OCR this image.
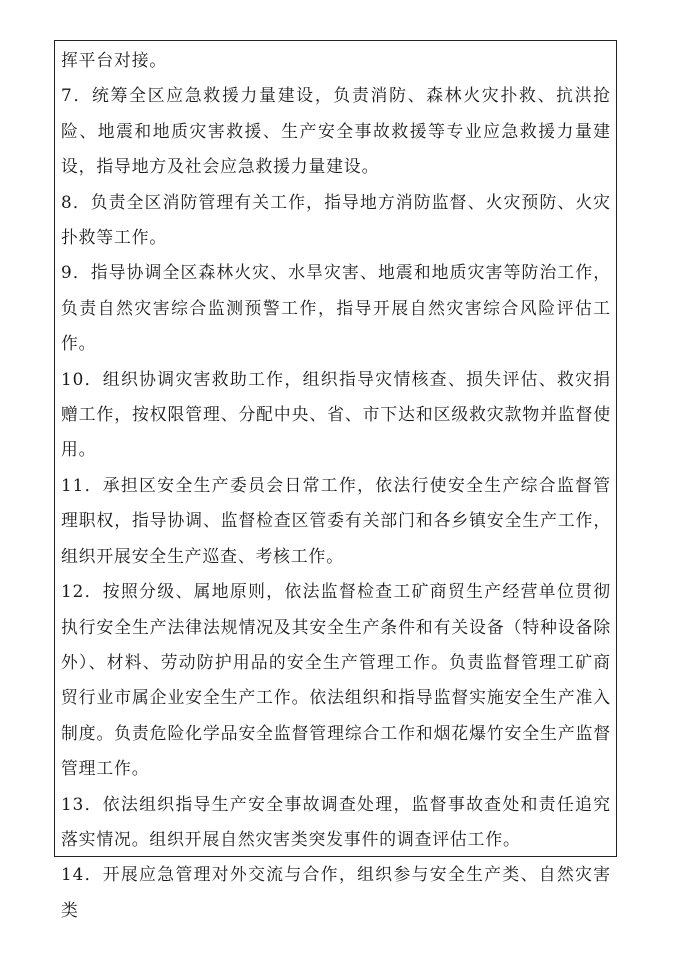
挥平台对接。

7．统筹全区应急救援力量建设，负责消防、森林火灾扑救、抗洪抢险、地震和地质灾害救援、生产安全事故救援等专业应急救援力量建设，指导地方及社会应急救援力量建设。

8．负责全区消防管理有关工作，指导地方消防监督、火灾预防、火灾扑救等工作。

9．指导协调全区森林火灾、水旱灾害、地震和地质灾害等防治工作，负责自然灾害综合监测预警工作，指导开展自然灾害综合风险评估工作。

10．组织协调灾害救助工作，组织指导灾情核查、损失评估、救灾捐赠工作，按权限管理、分配中央、省、市下达和区级救灾款物并监督使用。

11．承担区安全生产委员会日常工作，依法行使安全生产综合监督管理职权，指导协调、监督检查区管委有关部门和各乡镇安全生产工作，组织开展安全生产巡查、考核工作。

12．按照分级、属地原则，依法监督检查工矿商贸生产经营单位贯彻执行安全生产法律法规情况及其安全生产条件和有关设备（特种设备除外）、材料、劳动防护用品的安全生产管理工作。负责监督管理工矿商贸行业市属企业安全生产工作。依法组织和指导监督实施安全生产准入制度。负责危险化学品安全监督管理综合工作和烟花爆竹安全生产监督管理工作。

13．依法组织指导生产安全事故调查处理，监督事故查处和责任追究落实情况。组织开展自然灾害类突发事件的调查评估工作。

14．开展应急管理对外交流与合作，组织参与安全生产类、自然灾害类
